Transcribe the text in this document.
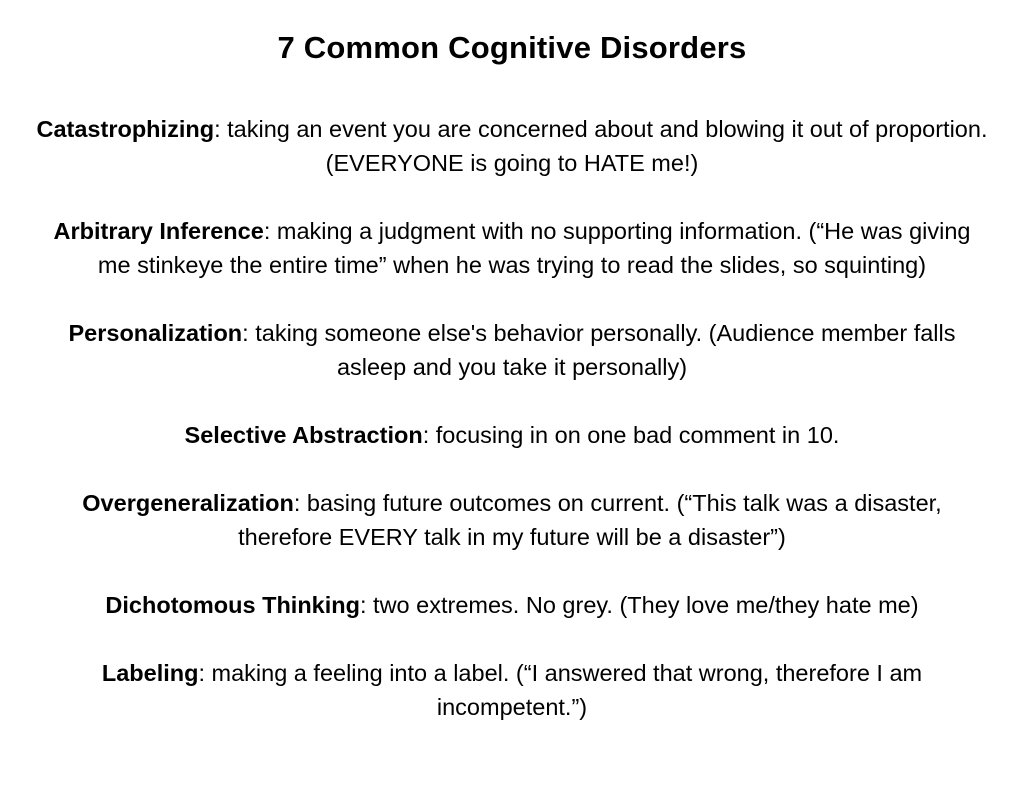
7 Common Cognitive Disorders

Catastrophizing: taking an event you are concerned about and blowing it out of proportion. (EVERYONE is going to HATE me!)

Arbitrary Inference: making a judgment with no supporting information. (“He was giving me stinkeye the entire time” when he was trying to read the slides, so squinting)

Personalization: taking someone else's behavior personally. (Audience member falls asleep and you take it personally)

Selective Abstraction: focusing in on one bad comment in 10.

Overgeneralization: basing future outcomes on current. (“This talk was a disaster, therefore EVERY talk in my future will be a disaster”)

Dichotomous Thinking: two extremes. No grey. (They love me/they hate me)

Labeling: making a feeling into a label. (“I answered that wrong, therefore I am incompetent.”)
